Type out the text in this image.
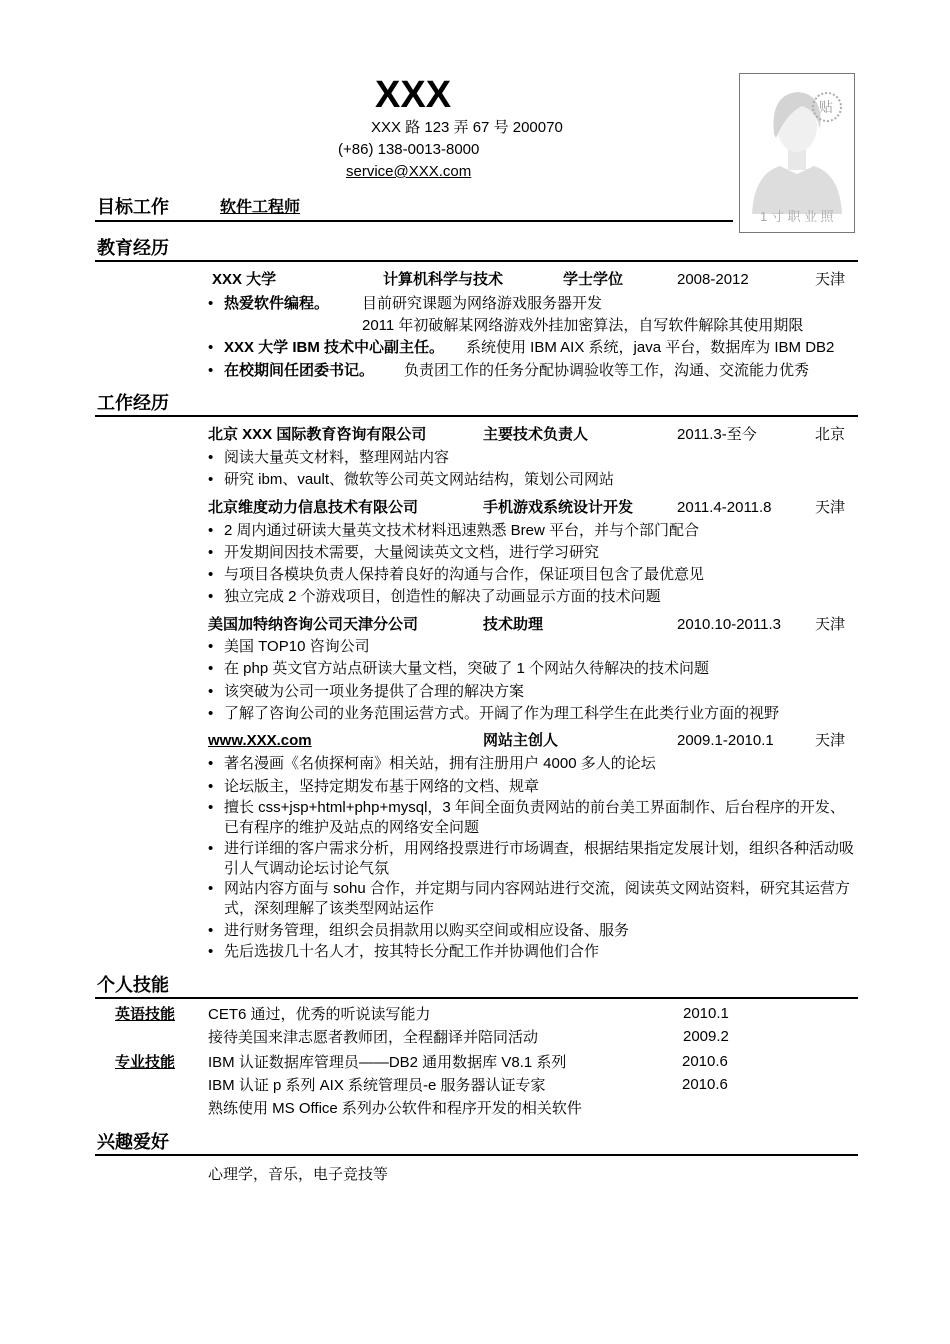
XXX
XXX 路 123 弄 67 号 200070
(+86) 138-0013-8000
service@XXX.com
贴
1 寸 职 业 照
目标工作	软件工程师
教育经历
XXX 大学	计算机科学与技术	学士学位	2008-2012	天津
• 热爱软件编程。 目前研究课题为网络游戏服务器开发
2011 年初破解某网络游戏外挂加密算法，自写软件解除其使用期限
• XXX 大学 IBM 技术中心副主任。 系统使用 IBM AIX 系统，java 平台，数据库为 IBM DB2
• 在校期间任团委书记。 负责团工作的任务分配协调验收等工作，沟通、交流能力优秀
工作经历
北京 XXX 国际教育咨询有限公司	主要技术负责人	2011.3-至今	北京
• 阅读大量英文材料，整理网站内容
• 研究 ibm、vault、微软等公司英文网站结构，策划公司网站
北京维度动力信息技术有限公司	手机游戏系统设计开发	2011.4-2011.8	天津
• 2 周内通过研读大量英文技术材料迅速熟悉 Brew 平台，并与个部门配合
• 开发期间因技术需要，大量阅读英文文档，进行学习研究
• 与项目各模块负责人保持着良好的沟通与合作，保证项目包含了最优意见
• 独立完成 2 个游戏项目，创造性的解决了动画显示方面的技术问题
美国加特纳咨询公司天津分公司	技术助理	2010.10-2011.3 天津
• 美国 TOP10 咨询公司
• 在 php 英文官方站点研读大量文档，突破了 1 个网站久待解决的技术问题
• 该突破为公司一项业务提供了合理的解决方案
• 了解了咨询公司的业务范围运营方式。开阔了作为理工科学生在此类行业方面的视野
www.XXX.com	网站主创人	2009.1-2010.1	天津
• 著名漫画《名侦探柯南》相关站，拥有注册用户 4000 多人的论坛
• 论坛版主，坚持定期发布基于网络的文档、规章
• 擅长 css+jsp+html+php+mysql，3 年间全面负责网站的前台美工界面制作、后台程序的开发、已有程序的维护及站点的网络安全问题
• 进行详细的客户需求分析，用网络投票进行市场调查，根据结果指定发展计划，组织各种活动吸引人气调动论坛讨论气氛
• 网站内容方面与 sohu 合作，并定期与同内容网站进行交流，阅读英文网站资料，研究其运营方式，深刻理解了该类型网站运作
• 进行财务管理，组织会员捐款用以购买空间或相应设备、服务
• 先后选拔几十名人才，按其特长分配工作并协调他们合作
个人技能
英语技能 CET6 通过，优秀的听说读写能力	2010.1
接待美国来津志愿者教师团，全程翻译并陪同活动	2009.2
专业技能 IBM 认证数据库管理员——DB2 通用数据库 V8.1 系列	2010.6
IBM 认证 p 系列 AIX 系统管理员-e 服务器认证专家	2010.6
熟练使用 MS Office 系列办公软件和程序开发的相关软件
兴趣爱好
心理学，音乐，电子竞技等
